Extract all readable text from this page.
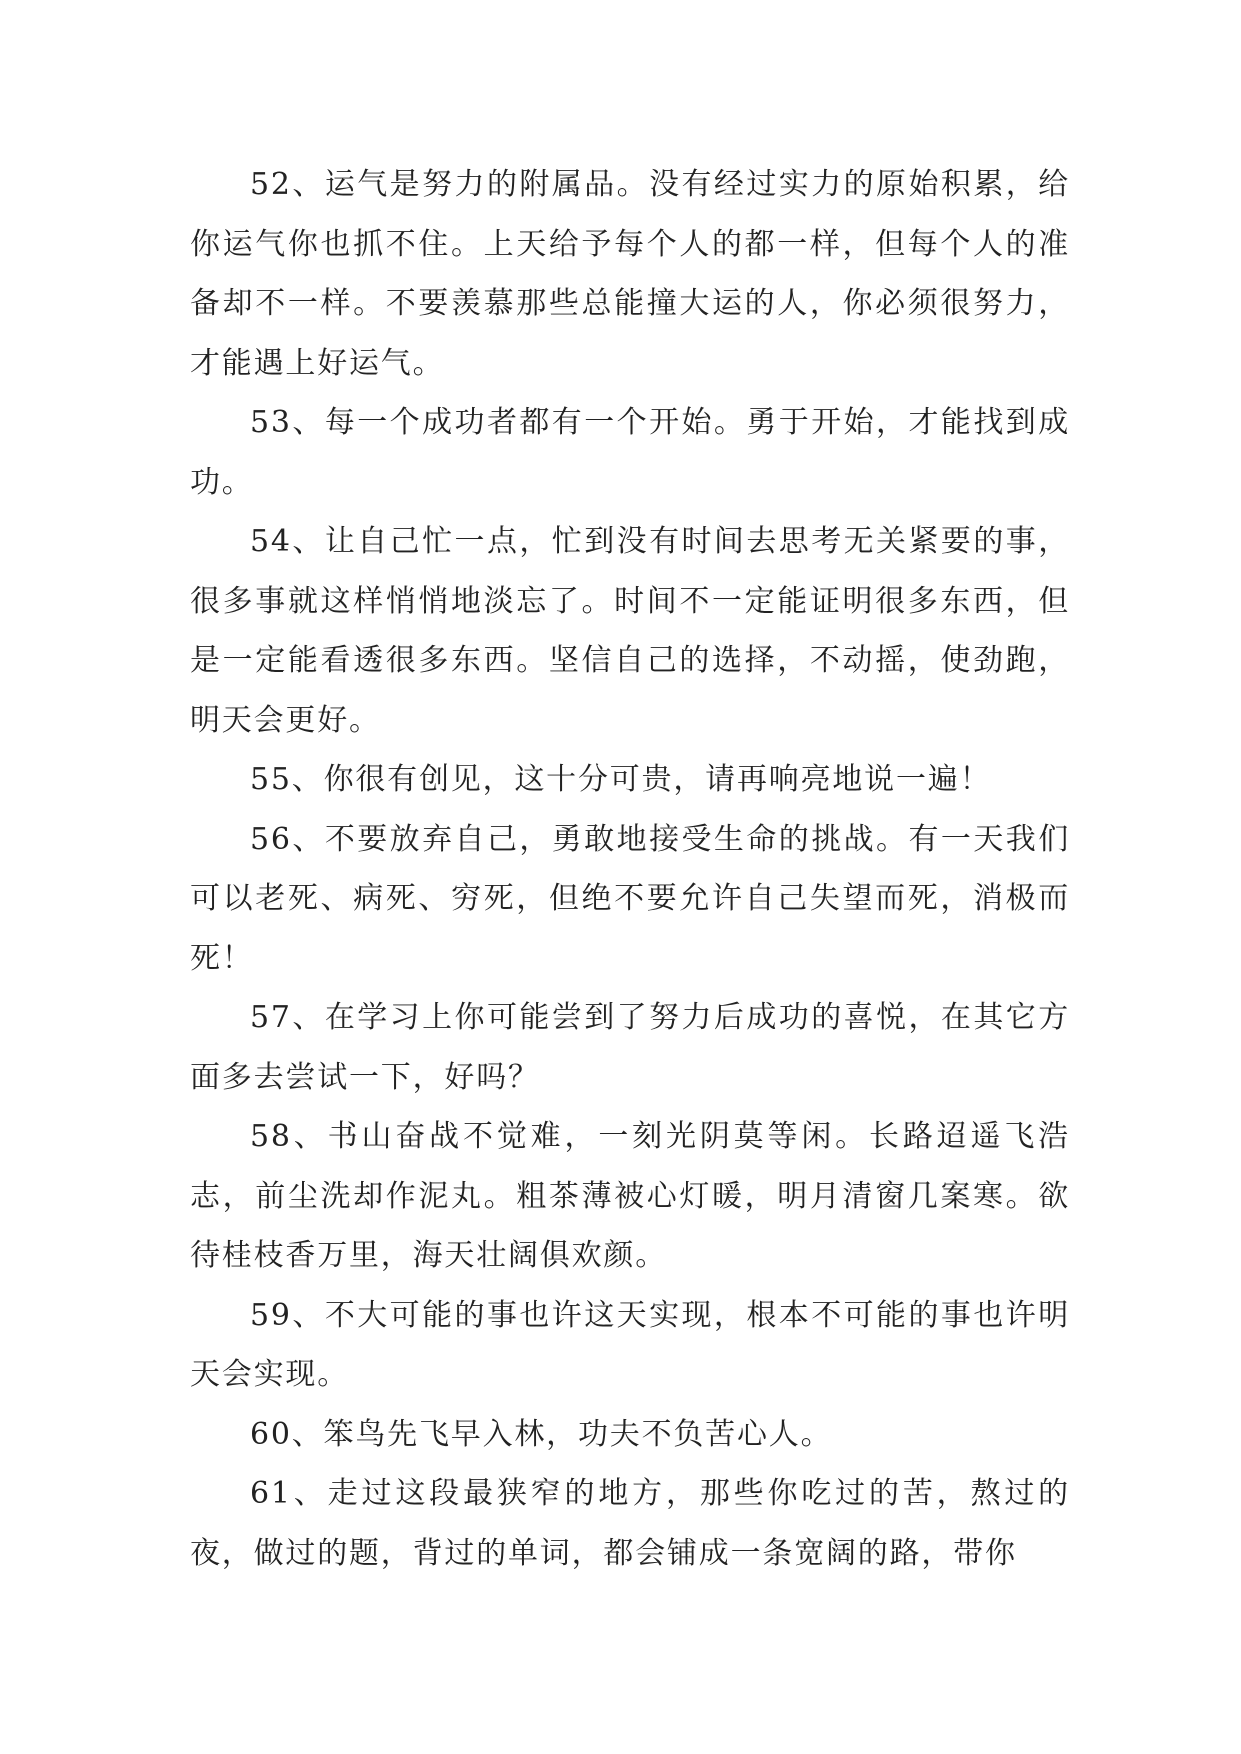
52、运气是努力的附属品。没有经过实力的原始积累，给你运气你也抓不住。上天给予每个人的都一样，但每个人的准备却不一样。不要羡慕那些总能撞大运的人，你必须很努力，才能遇上好运气。

53、每一个成功者都有一个开始。勇于开始，才能找到成功。

54、让自己忙一点，忙到没有时间去思考无关紧要的事，很多事就这样悄悄地淡忘了。时间不一定能证明很多东西，但是一定能看透很多东西。坚信自己的选择，不动摇，使劲跑，明天会更好。

55、你很有创见，这十分可贵，请再响亮地说一遍！

56、不要放弃自己，勇敢地接受生命的挑战。有一天我们可以老死、病死、穷死，但绝不要允许自己失望而死，消极而死！

57、在学习上你可能尝到了努力后成功的喜悦，在其它方面多去尝试一下，好吗？

58、书山奋战不觉难，一刻光阴莫等闲。长路迢遥飞浩志，前尘洗却作泥丸。粗茶薄被心灯暖，明月清窗几案寒。欲待桂枝香万里，海天壮阔俱欢颜。

59、不大可能的事也许这天实现，根本不可能的事也许明天会实现。

60、笨鸟先飞早入林，功夫不负苦心人。

61、走过这段最狭窄的地方，那些你吃过的苦，熬过的夜，做过的题，背过的单词，都会铺成一条宽阔的路，带你
